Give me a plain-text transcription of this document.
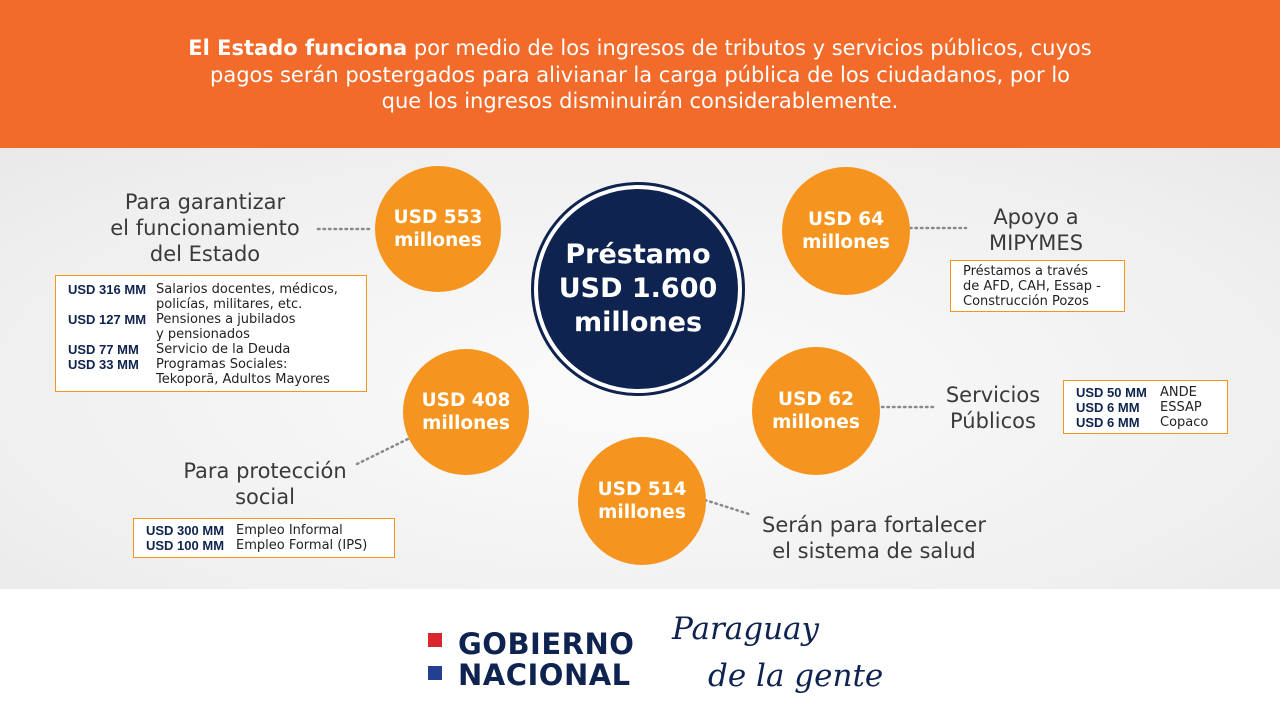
El Estado funciona por medio de los ingresos de tributos y servicios públicos, cuyos
pagos serán postergados para alivianar la carga pública de los ciudadanos, por lo
que los ingresos disminuirán considerablemente.
USD 553
millones
USD 64
millones
USD 408
millones
USD 62
millones
USD 514
millones
Préstamo
USD 1.600
millones
Para garantizar
el funcionamiento
del Estado
Apoyo a
MIPYMES
Para protección
social
Servicios
Públicos
Serán para fortalecer
el sistema de salud
USD 316 MM Salarios docentes, médicos,
policías, militares, etc.
USD 127 MM Pensiones a jubilados
y pensionados
USD 77 MM	Servicio de la Deuda
USD 33 MM	Programas Sociales:
Tekoporã, Adultos Mayores
Préstamos a través
de AFD, CAH, Essap -
Construcción Pozos
USD 300 MM Empleo Informal
USD 100 MM Empleo Formal (IPS)
USD 50 MM	ANDE
USD 6 MM	ESSAP
USD 6 MM	Copaco
GOBIERNO
NACIONAL
Paraguay
de la gente
